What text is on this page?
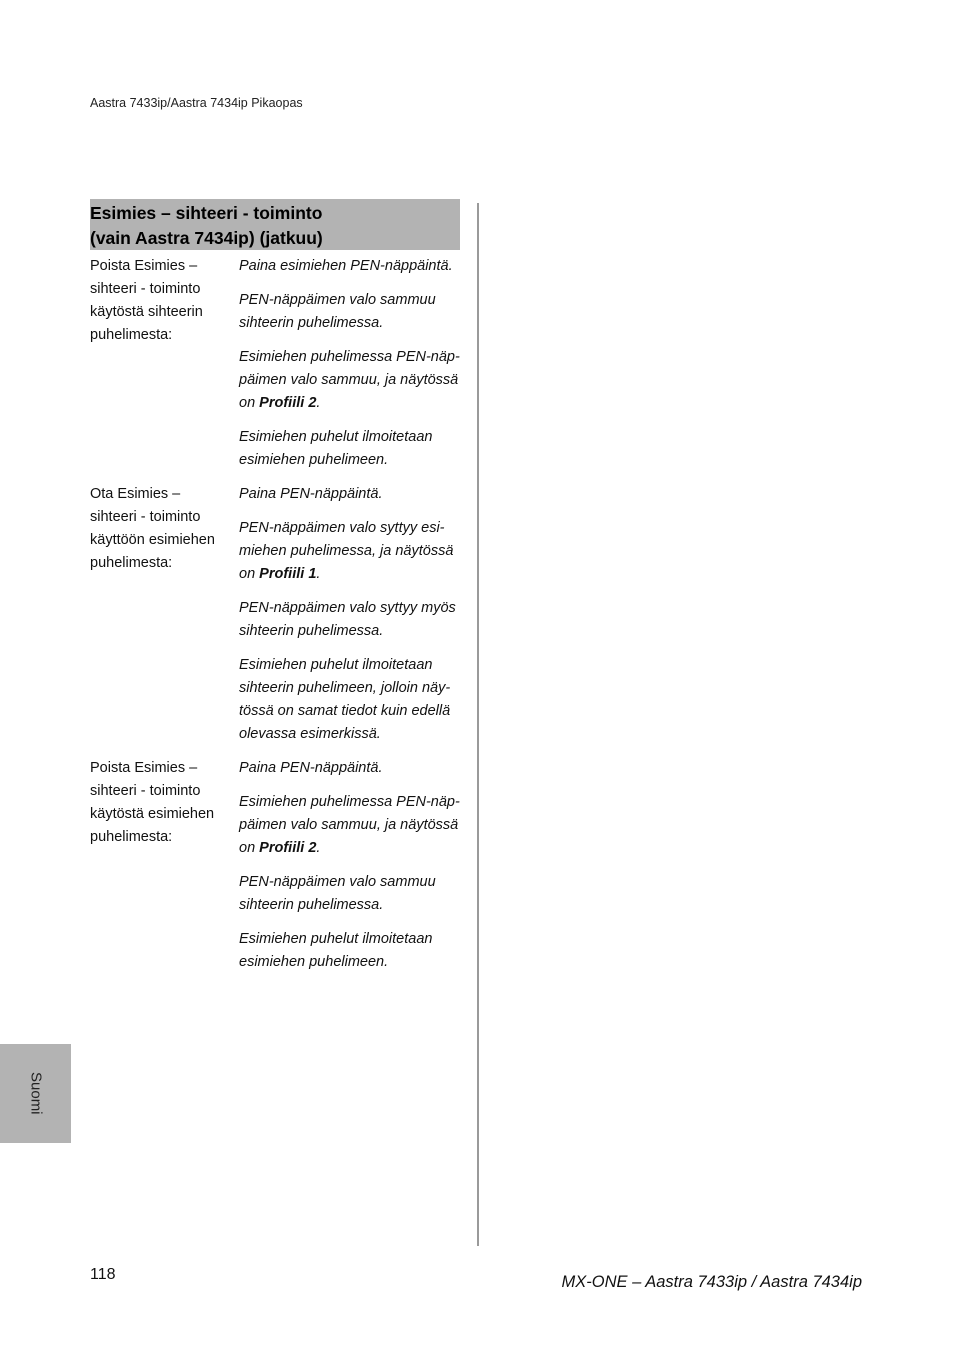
Aastra 7433ip/Aastra 7434ip Pikaopas
Esimies – sihteeri - toiminto
(vain Aastra 7434ip) (jatkuu)
Poista Esimies –
sihteeri - toiminto
käytöstä sihteerin
puhelimesta:
Paina esimiehen PEN-näppäintä.
PEN-näppäimen valo sammuu sihteerin puhelimessa.
Esimiehen puhelimessa PEN-näppäimen valo sammuu, ja näytössä on Profiili 2.
Esimiehen puhelut ilmoitetaan esimiehen puhelimeen.
Ota Esimies –
sihteeri - toiminto
käyttöön esimiehen
puhelimesta:
Paina PEN-näppäintä.
PEN-näppäimen valo syttyy esimiehen puhelimessa, ja näytössä on Profiili 1.
PEN-näppäimen valo syttyy myös sihteerin puhelimessa.
Esimiehen puhelut ilmoitetaan sihteerin puhelimeen, jolloin näytössä on samat tiedot kuin edellä olevassa esimerkissä.
Poista Esimies –
sihteeri - toiminto
käytöstä esimiehen
puhelimesta:
Paina PEN-näppäintä.
Esimiehen puhelimessa PEN-näppäimen valo sammuu, ja näytössä on Profiili 2.
PEN-näppäimen valo sammuu sihteerin puhelimessa.
Esimiehen puhelut ilmoitetaan esimiehen puhelimeen.
Suomi
118	MX-ONE – Aastra 7433ip / Aastra 7434ip
